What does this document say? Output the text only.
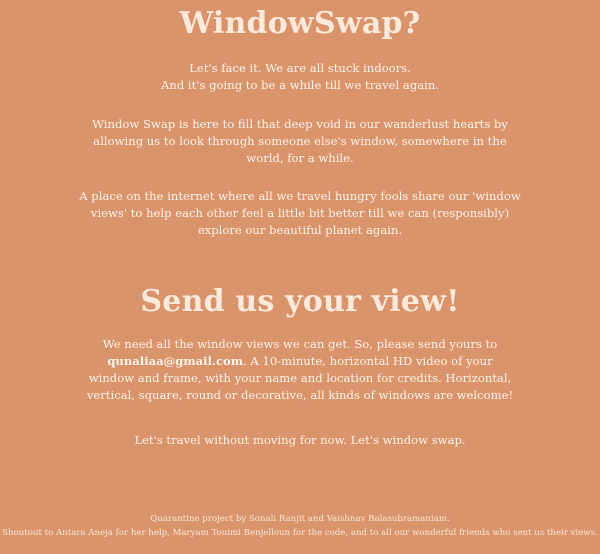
WindowSwap?
Let's face it. We are all stuck indoors.
And it's going to be a while till we travel again.
Window Swap is here to fill that deep void in our wanderlust hearts by
allowing us to look through someone else's window, somewhere in the
world, for a while.
A place on the internet where all we travel hungry fools share our 'window
views' to help each other feel a little bit better till we can (responsibly)
explore our beautiful planet again.
Send us your view!
We need all the window views we can get. So, please send yours to
qunaliaa@gmail.com. A 10-minute, horizontal HD video of your
window and frame, with your name and location for credits. Horizontal,
vertical, square, round or decorative, all kinds of windows are welcome!
Let's travel without moving for now. Let's window swap.
Quarantine project by Sonali Ranjit and Vaishnav Balasubramaniam.
Shoutout to Antara Aneja for her help, Maryam Touimi Benjelloun for the code, and to all our wonderful friends who sent us their views.
